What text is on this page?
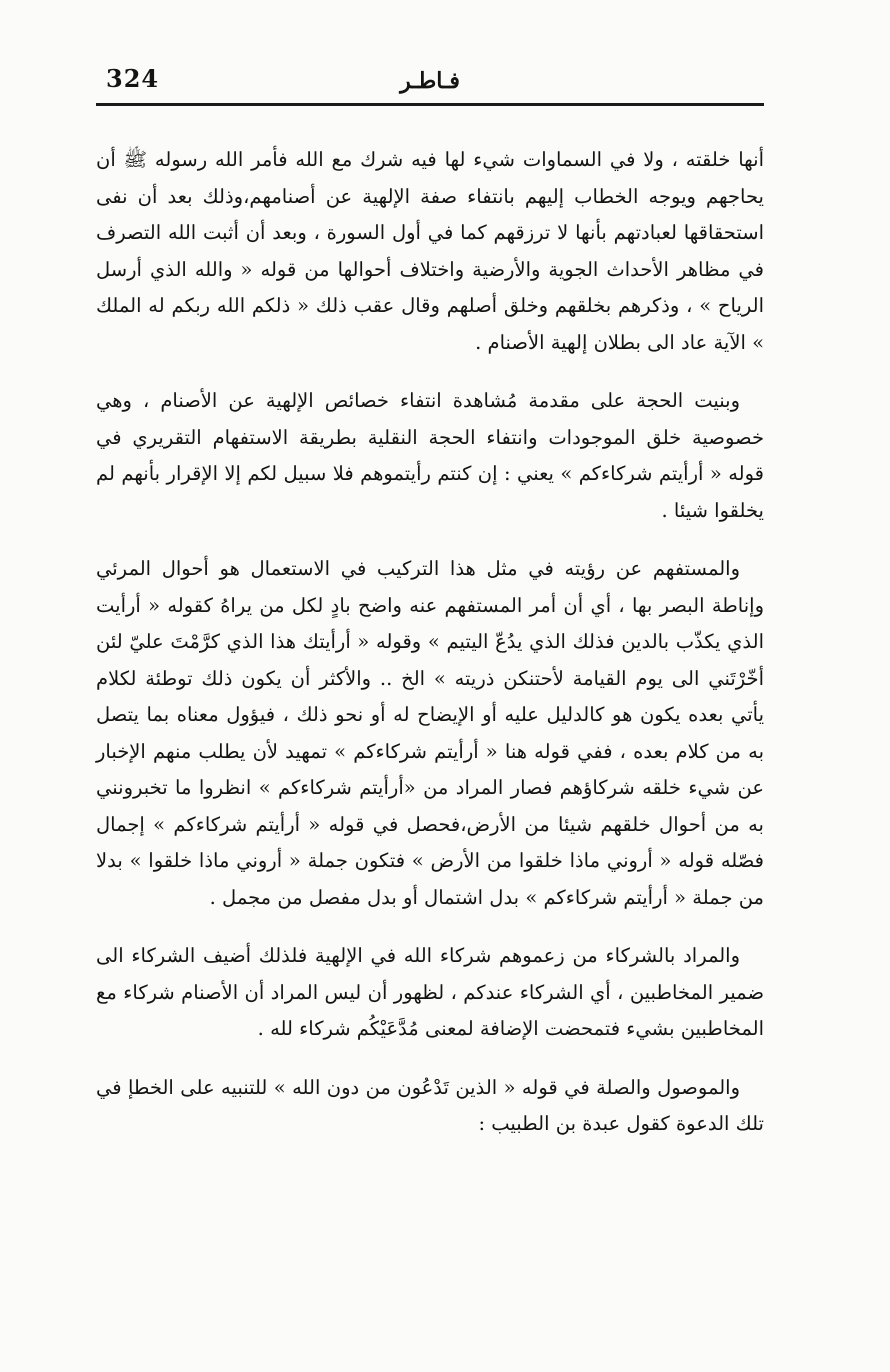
324	فـاطـر

أنها خلقته ، ولا في السماوات شيء لها فيه شرك مع الله فأمر الله رسوله ﷺ أن يحاجهم ويوجه الخطاب إليهم بانتفاء صفة الإلهية عن أصنامهم،وذلك بعد أن نفى استحقاقها لعبادتهم بأنها لا ترزقهم كما في أول السورة ، وبعد أن أثبت الله التصرف في مظاهر الأحداث الجوية والأرضية واختلاف أحوالها من قوله « والله الذي أرسل الرياح » ، وذكرهم بخلقهم وخلق أصلهم وقال عقب ذلك « ذلكم الله ربكم له الملك » الآية عاد الى بطلان إلهية الأصنام .

وبنيت الحجة على مقدمة مُشاهدة انتفاء خصائص الإلهية عن الأصنام ، وهي خصوصية خلق الموجودات وانتفاء الحجة النقلية بطريقة الاستفهام التقريري في قوله « أرأيتم شركاءكم » يعني : إن كنتم رأيتموهم فلا سبيل لكم إلا الإقرار بأنهم لم يخلقوا شيئا .

والمستفهم عن رؤيته في مثل هذا التركيب في الاستعمال هو أحوال المرئي وإناطة البصر بها ، أي أن أمر المستفهم عنه واضح بادٍ لكل من يراهُ كقوله « أرأيت الذي يكذّب بالدين فذلك الذي يدُعّ اليتيم » وقوله « أرأيتك هذا الذي كرَّمْتَ عليّ لئن أخّرْتَني الى يوم القيامة لأحتنكن ذريته » الخ .. والأكثر أن يكون ذلك توطئة لكلام يأتي بعده يكون هو كالدليل عليه أو الإيضاح له أو نحو ذلك ، فيؤول معناه بما يتصل به من كلام بعده ، ففي قوله هنا « أرأيتم شركاءكم » تمهيد لأن يطلب منهم الإخبار عن شيء خلقه شركاؤهم فصار المراد من «أرأيتم شركاءكم » انظروا ما تخبرونني به من أحوال خلقهم شيئا من الأرض،فحصل في قوله « أرأيتم شركاءكم » إجمال فصّله قوله « أروني ماذا خلقوا من الأرض » فتكون جملة « أروني ماذا خلقوا » بدلا من جملة « أرأيتم شركاءكم » بدل اشتمال أو بدل مفصل من مجمل .

والمراد بالشركاء من زعموهم شركاء الله في الإلهية فلذلك أضيف الشركاء الى ضمير المخاطبين ، أي الشركاء عندكم ، لظهور أن ليس المراد أن الأصنام شركاء مع المخاطبين بشيء فتمحضت الإضافة لمعنى مُدَّعَيْكُم شركاء لله .

والموصول والصلة في قوله « الذين تَدْعُون من دون الله » للتنبيه على الخطإ في تلك الدعوة كقول عبدة بن الطبيب :
